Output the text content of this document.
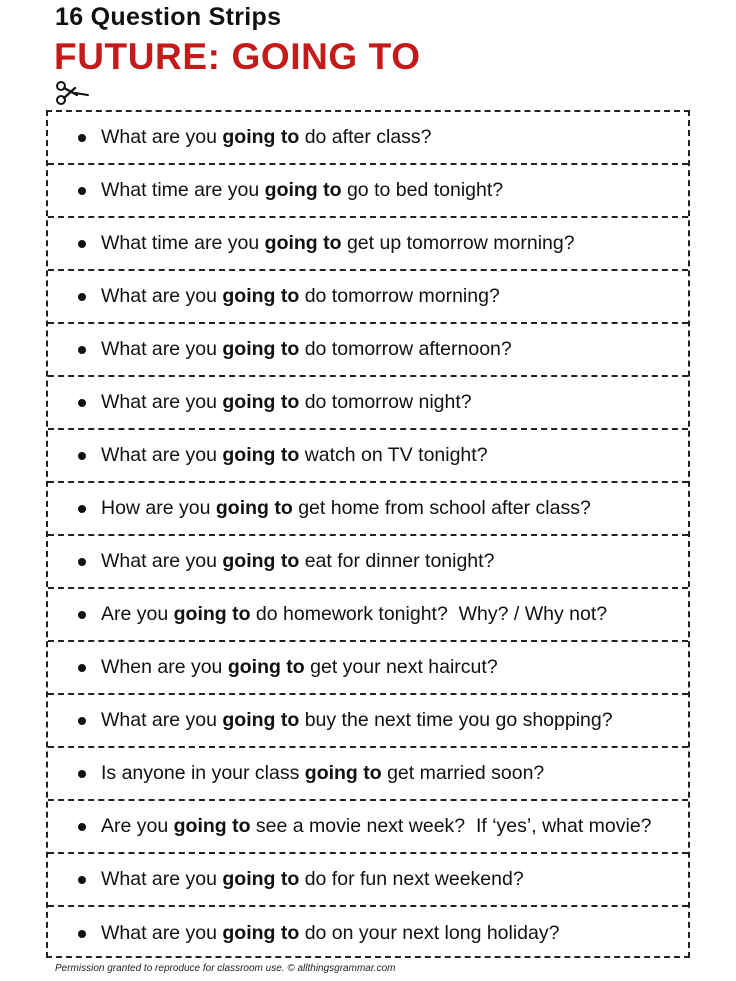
16 Question Strips
FUTURE: GOING TO
What are you going to do after class?
What time are you going to go to bed tonight?
What time are you going to get up tomorrow morning?
What are you going to do tomorrow morning?
What are you going to do tomorrow afternoon?
What are you going to do tomorrow night?
What are you going to watch on TV tonight?
How are you going to get home from school after class?
What are you going to eat for dinner tonight?
Are you going to do homework tonight?  Why? / Why not?
When are you going to get your next haircut?
What are you going to buy the next time you go shopping?
Is anyone in your class going to get married soon?
Are you going to see a movie next week?  If ‘yes’, what movie?
What are you going to do for fun next weekend?
What are you going to do on your next long holiday?
Permission granted to reproduce for classroom use. © allthingsgrammar.com
